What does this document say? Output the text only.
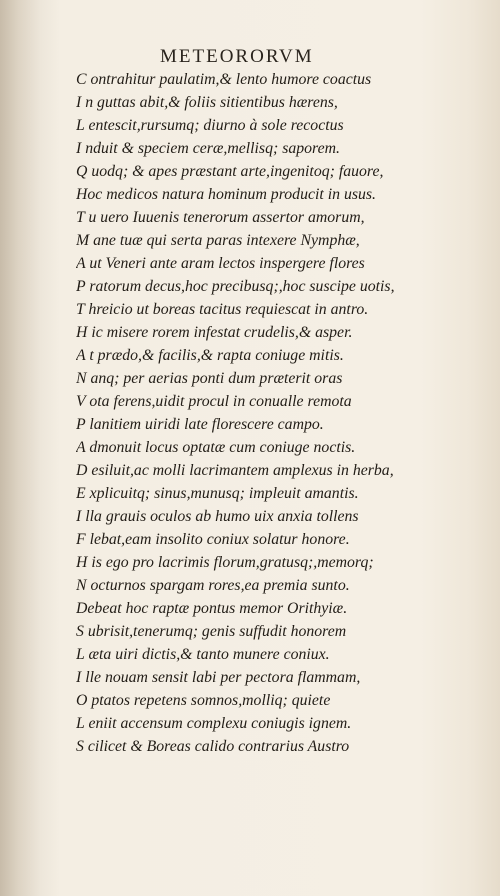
METEORORVM
C ontrahitur paulatim,& lento humore coactus
I n guttas abit,& foliis sitientibus hærens,
L entescit,rursumq; diurno à sole recoctus
I nduit & speciem ceræ,mellisq; saporem.
Q uodq; & apes præstant arte,ingenitoq; fauore,
Hoc medicos natura hominum producit in usus.
T u uero Iuuenis tenerorum assertor amorum,
M ane tuæ qui serta paras intexere Nymphæ,
A ut Veneri ante aram lectos inspergere flores
P ratorum decus,hoc precibusq;,hoc suscipe uotis,
T hreicio ut boreas tacitus requiescat in antro.
H ic misere rorem infestat crudelis,& asper.
A t prædo,& facilis,& rapta coniuge mitis.
N anq; per aerias ponti dum præterit oras
V ota ferens,uidit procul in conualle remota
P lanitiem uiridi late florescere campo.
A dmonuit locus optatæ cum coniuge noctis.
D esiluit,ac molli lacrimantem amplexus in herba,
E xplicuitq; sinus,munusq; impleuit amantis.
I lla grauis oculos ab humo uix anxia tollens
F lebat,eam insolito coniux solatur honore.
H is ego pro lacrimis florum,gratusq;,memorq;
N octurnos spargam rores,ea premia sunto.
Debeat hoc raptæ pontus memor Orithyiæ.
S ubrisit,tenerumq; genis suffudit honorem
L æta uiri dictis,& tanto munere coniux.
I lle nouam sensit labi per pectora flammam,
O ptatos repetens somnos,molliq; quiete
L eniit accensum complexu coniugis ignem.
S cilicet & Boreas calido contrarius Austro
